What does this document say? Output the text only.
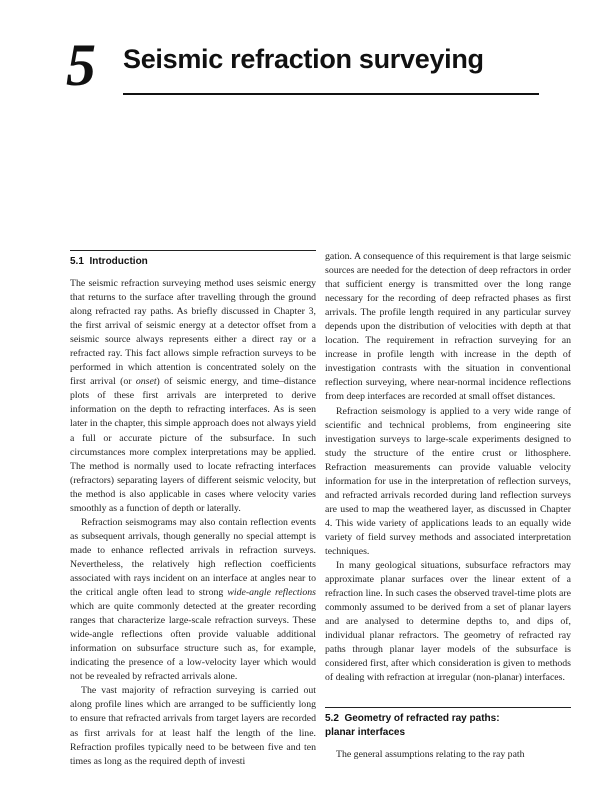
5	Seismic refraction surveying
5.1 Introduction

The seismic refraction surveying method uses seismic energy that returns to the surface after travelling through the ground along refracted ray paths. As briefly discussed in Chapter 3, the first arrival of seismic energy at a detector offset from a seismic source always represents either a direct ray or a refracted ray. This fact allows simple refraction surveys to be performed in which attention is concentrated solely on the first arrival (or onset) of seismic energy, and time–distance plots of these first arrivals are interpreted to derive information on the depth to refracting interfaces. As is seen later in the chapter, this simple approach does not always yield a full or accurate picture of the subsurface. In such circumstances more complex interpretations may be applied. The method is normally used to locate refracting interfaces (refractors) separating layers of different seismic velocity, but the method is also applicable in cases where velocity varies smoothly as a function of depth or laterally.

Refraction seismograms may also contain reflection events as subsequent arrivals, though generally no special attempt is made to enhance reflected arrivals in refraction surveys. Nevertheless, the relatively high reflection coefficients associated with rays incident on an interface at angles near to the critical angle often lead to strong wide-angle reflections which are quite commonly detected at the greater recording ranges that characterize large-scale refraction surveys. These wide-angle reflections often provide valuable additional information on subsurface structure such as, for example, indicating the presence of a low-velocity layer which would not be revealed by refracted arrivals alone.

The vast majority of refraction surveying is carried out along profile lines which are arranged to be sufficiently long to ensure that refracted arrivals from target layers are recorded as first arrivals for at least half the length of the line. Refraction profiles typically need to be between five and ten times as long as the required depth of investi

gation. A consequence of this requirement is that large seismic sources are needed for the detection of deep refractors in order that sufficient energy is transmitted over the long range necessary for the recording of deep refracted phases as first arrivals. The profile length required in any particular survey depends upon the distribution of velocities with depth at that location. The requirement in refraction surveying for an increase in profile length with increase in the depth of investigation contrasts with the situation in conventional reflection surveying, where near-normal incidence reflections from deep interfaces are recorded at small offset distances.

Refraction seismology is applied to a very wide range of scientific and technical problems, from engineering site investigation surveys to large-scale experiments designed to study the structure of the entire crust or lithosphere. Refraction measurements can provide valuable velocity information for use in the interpretation of reflection surveys, and refracted arrivals recorded during land reflection surveys are used to map the weathered layer, as discussed in Chapter 4. This wide variety of applications leads to an equally wide variety of field survey methods and associated interpretation techniques.

In many geological situations, subsurface refractors may approximate planar surfaces over the linear extent of a refraction line. In such cases the observed travel-time plots are commonly assumed to be derived from a set of planar layers and are analysed to determine depths to, and dips of, individual planar refractors. The geometry of refracted ray paths through planar layer models of the subsurface is considered first, after which consideration is given to methods of dealing with refraction at irregular (non-planar) interfaces.

5.2 Geometry of refracted ray paths:
planar interfaces

The general assumptions relating to the ray path
